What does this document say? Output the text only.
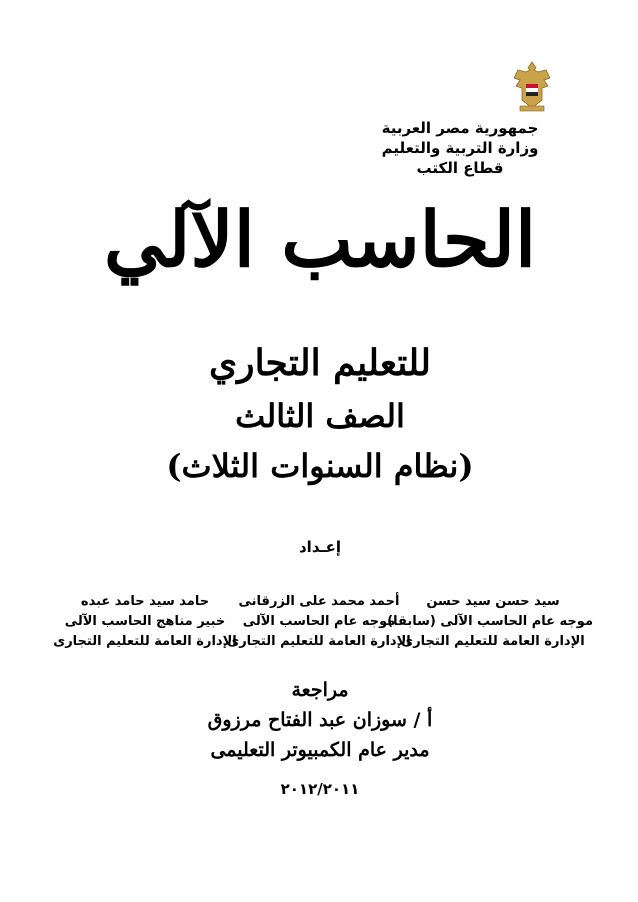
جمهورية مصر العربية
وزارة التربية والتعليم
قطاع الكتب
الحاسب الآلي
للتعليم التجاري
الصف الثالث
(نظام السنوات الثلاث)
إعـداد
سيد حسن سيد حسن
موجه عام الحاسب الآلى (سابقا)
الإدارة العامة للتعليم التجارى
أحمد محمد على الزرقانى
موجه عام الحاسب الآلى
الإدارة العامة للتعليم التجارى
حامد سيد حامد عبده
خبير مناهج الحاسب الآلى
الإدارة العامة للتعليم التجارى
مراجعة
أ / سوزان عبد الفتاح مرزوق
مدير عام الكمبيوتر التعليمى
٢٠١٢/٢٠١١
